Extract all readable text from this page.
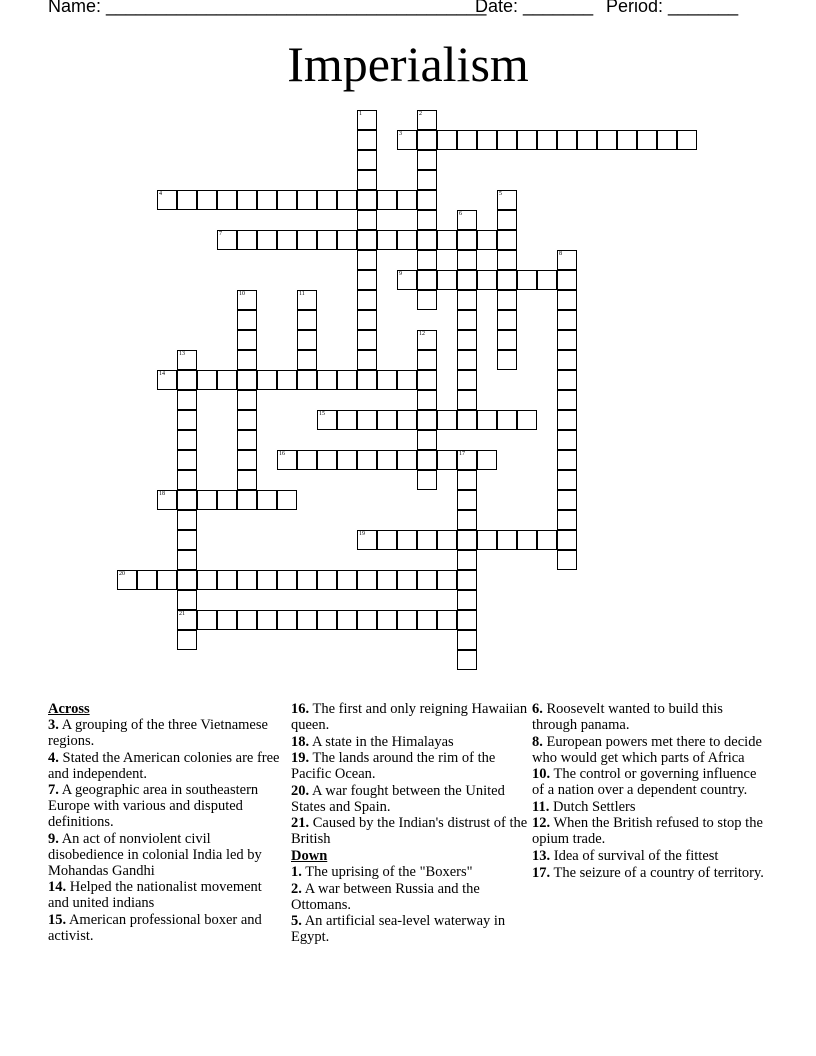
Name: ______________________________________
Date: _______ Period: _______
Imperialism
1	2
3
4	5
6
7
8
9
10	11
12
13
21
14
15
16	17
18
19
20
Across
3. A grouping of the three Vietnamese regions.
4. Stated the American colonies are free and independent.
7. A geographic area in southeastern Europe with various and disputed definitions.
9. An act of nonviolent civil disobedience in colonial India led by Mohandas Gandhi
14. Helped the nationalist movement and united indians
15. American professional boxer and activist.
16. The first and only reigning Hawaiian queen.
18. A state in the Himalayas
19. The lands around the rim of the Pacific Ocean.
20. A war fought between the United States and Spain.
21. Caused by the Indian's distrust of the British
Down
1. The uprising of the "Boxers"
2. A war between Russia and the Ottomans.
5. An artificial sea-level waterway in Egypt.
6. Roosevelt wanted to build this through panama.
8. European powers met there to decide who would get which parts of Africa
10. The control or governing influence of a nation over a dependent country.
11. Dutch Settlers
12. When the British refused to stop the opium trade.
13. Idea of survival of the fittest
17. The seizure of a country of territory.
